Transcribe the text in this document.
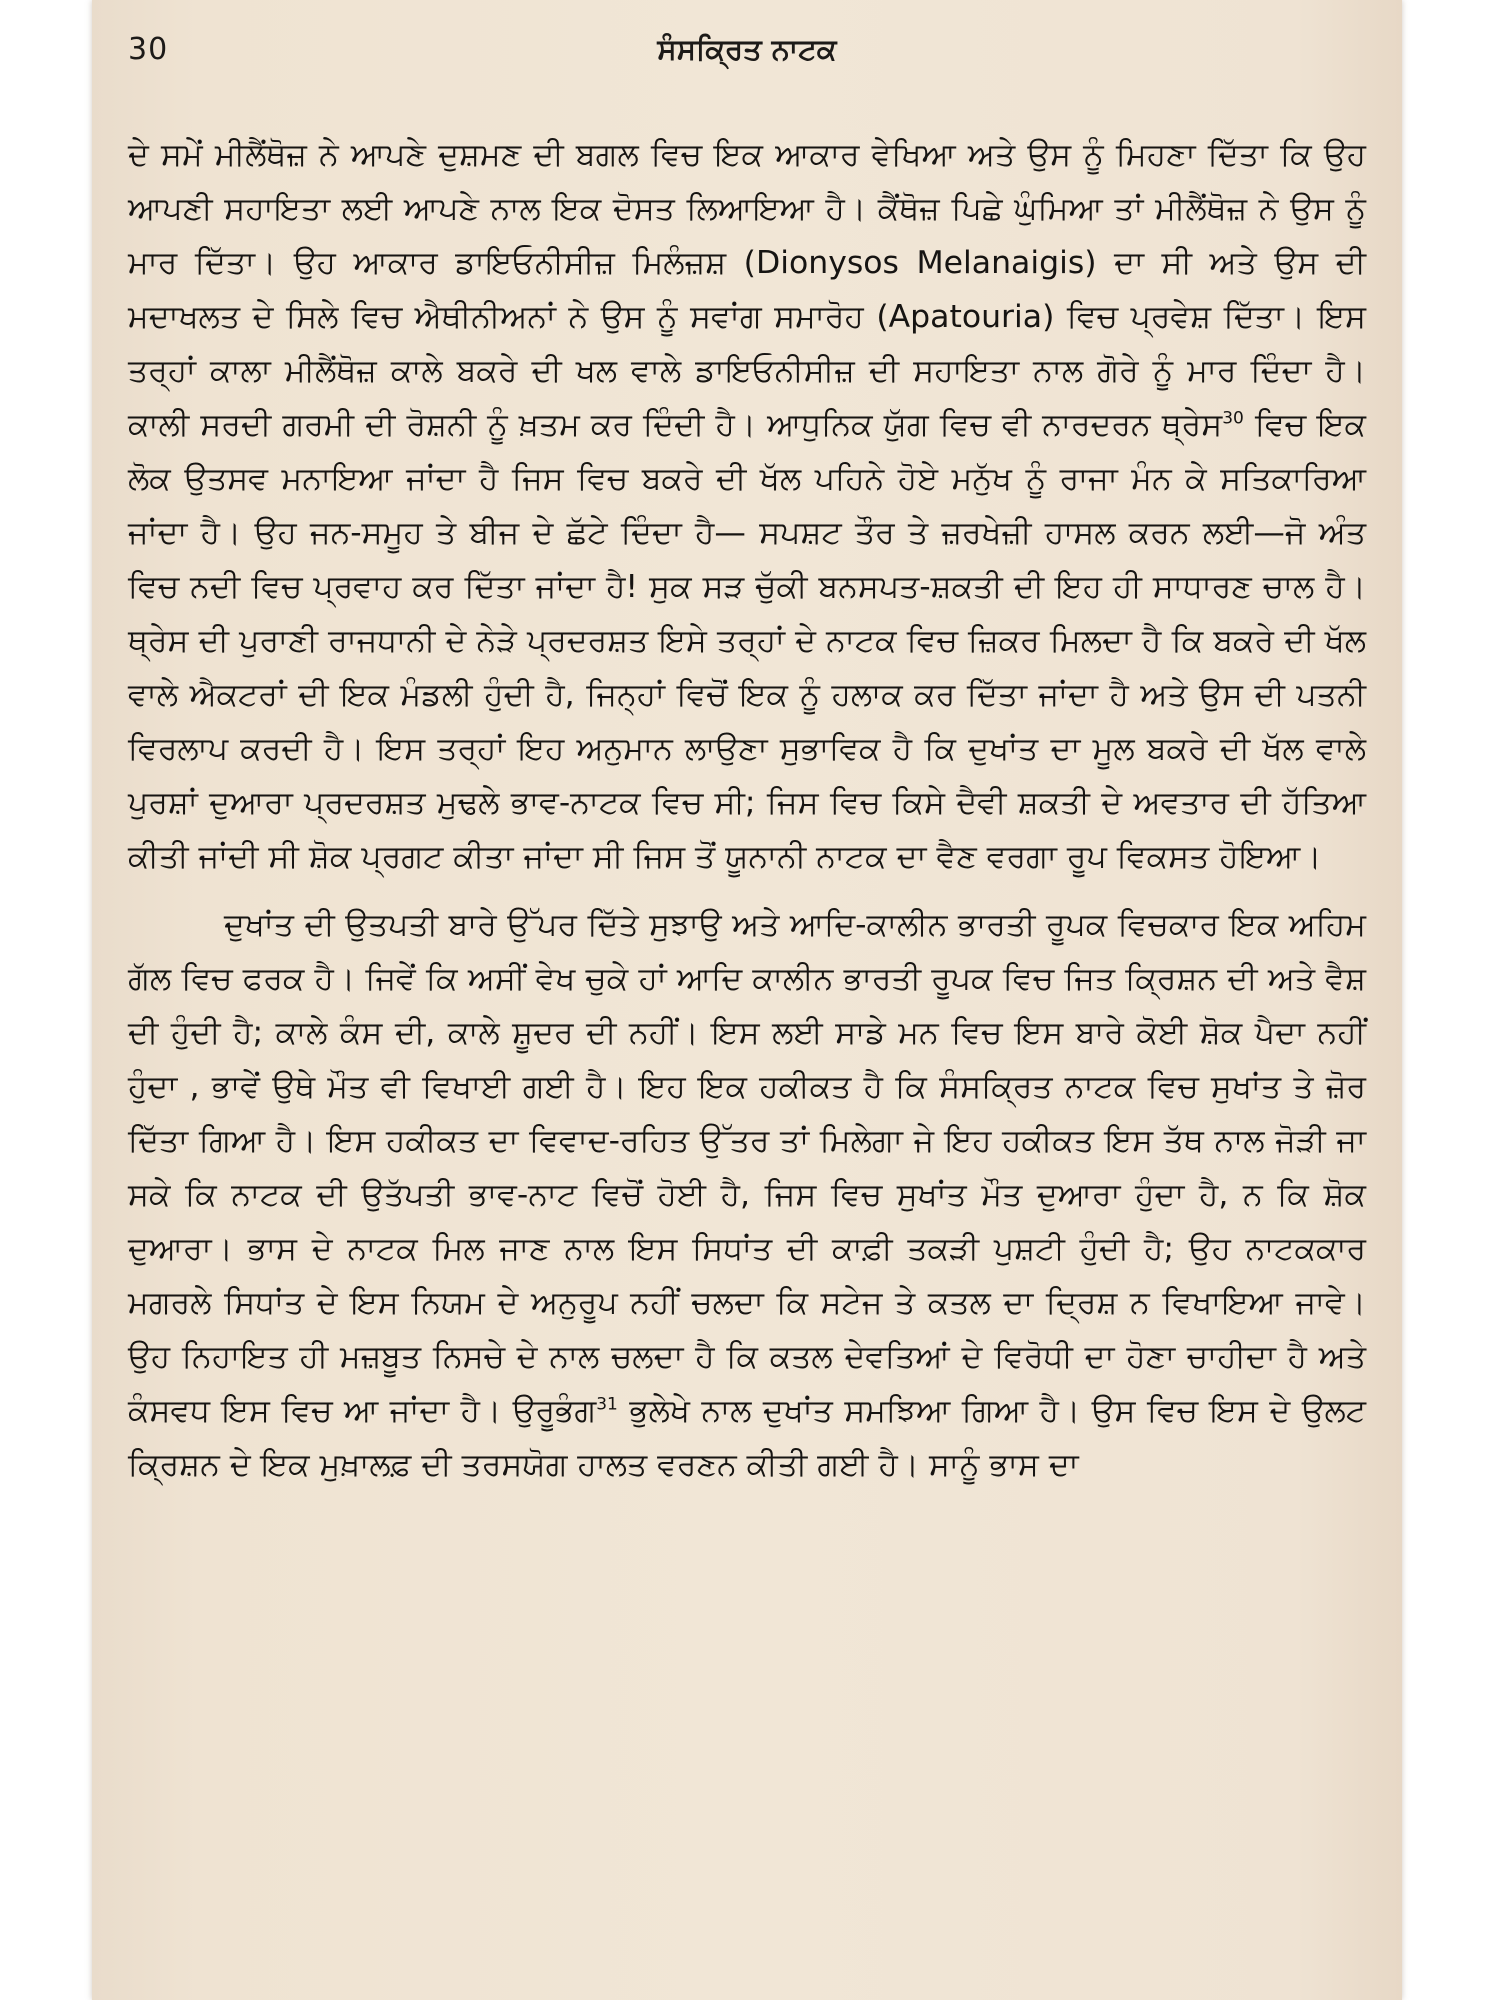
30	ਸੰਸਕ੍ਰਿਤ ਨਾਟਕ

ਦੇ ਸਮੇਂ ਮੀਲੈਂਥੋਜ਼ ਨੇ ਆਪਣੇ ਦੁਸ਼ਮਣ ਦੀ ਬਗਲ ਵਿਚ ਇਕ ਆਕਾਰ ਵੇਖਿਆ ਅਤੇ ਉਸ ਨੂੰ ਮਿਹਣਾ ਦਿੱਤਾ ਕਿ ਉਹ ਆਪਣੀ ਸਹਾਇਤਾ ਲਈ ਆਪਣੇ ਨਾਲ ਇਕ ਦੋਸਤ ਲਿਆਇਆ ਹੈ। ਕੈਂਥੋਜ਼ ਪਿਛੇ ਘੁੰਮਿਆ ਤਾਂ ਮੀਲੈਂਥੋਜ਼ ਨੇ ਉਸ ਨੂੰ ਮਾਰ ਦਿੱਤਾ। ਉਹ ਆਕਾਰ ਡਾਇਓਨੀਸੀਜ਼ ਮਿਲੰਜ਼ਸ਼ (Dionysos Melanaigis) ਦਾ ਸੀ ਅਤੇ ਉਸ ਦੀ ਮਦਾਖਲਤ ਦੇ ਸਿਲੇ ਵਿਚ ਐਥੀਨੀਅਨਾਂ ਨੇ ਉਸ ਨੂੰ ਸਵਾਂਗ ਸਮਾਰੋਹ (Apatouria) ਵਿਚ ਪ੍ਰਵੇਸ਼ ਦਿੱਤਾ। ਇਸ ਤਰ੍ਹਾਂ ਕਾਲਾ ਮੀਲੈਂਥੋਜ਼ ਕਾਲੇ ਬਕਰੇ ਦੀ ਖਲ ਵਾਲੇ ਡਾਇਓਨੀਸੀਜ਼ ਦੀ ਸਹਾਇਤਾ ਨਾਲ ਗੋਰੇ ਨੂੰ ਮਾਰ ਦਿੰਦਾ ਹੈ। ਕਾਲੀ ਸਰਦੀ ਗਰਮੀ ਦੀ ਰੋਸ਼ਨੀ ਨੂੰ ਖ਼ਤਮ ਕਰ ਦਿੰਦੀ ਹੈ। ਆਧੁਨਿਕ ਯੁੱਗ ਵਿਚ ਵੀ ਨਾਰਦਰਨ ਥ੍ਰੇਸ$^{30}$ ਵਿਚ ਇਕ ਲੋਕ ਉਤਸਵ ਮਨਾਇਆ ਜਾਂਦਾ ਹੈ ਜਿਸ ਵਿਚ ਬਕਰੇ ਦੀ ਖੱਲ ਪਹਿਨੇ ਹੋਏ ਮਨੁੱਖ ਨੂੰ ਰਾਜਾ ਮੰਨ ਕੇ ਸਤਿਕਾਰਿਆ ਜਾਂਦਾ ਹੈ। ਉਹ ਜਨ-ਸਮੂਹ ਤੇ ਬੀਜ ਦੇ ਛੱਟੇ ਦਿੰਦਾ ਹੈ— ਸਪਸ਼ਟ ਤੌਰ ਤੇ ਜ਼ਰਖੇਜ਼ੀ ਹਾਸਲ ਕਰਨ ਲਈ—ਜੋ ਅੰਤ ਵਿਚ ਨਦੀ ਵਿਚ ਪ੍ਰਵਾਹ ਕਰ ਦਿੱਤਾ ਜਾਂਦਾ ਹੈ! ਸੁਕ ਸੜ ਚੁੱਕੀ ਬਨਸਪਤ-ਸ਼ਕਤੀ ਦੀ ਇਹ ਹੀ ਸਾਧਾਰਣ ਚਾਲ ਹੈ। ਥ੍ਰੇਸ ਦੀ ਪੁਰਾਣੀ ਰਾਜਧਾਨੀ ਦੇ ਨੇੜੇ ਪ੍ਰਦਰਸ਼ਤ ਇਸੇ ਤਰ੍ਹਾਂ ਦੇ ਨਾਟਕ ਵਿਚ ਜ਼ਿਕਰ ਮਿਲਦਾ ਹੈ ਕਿ ਬਕਰੇ ਦੀ ਖੱਲ ਵਾਲੇ ਐਕਟਰਾਂ ਦੀ ਇਕ ਮੰਡਲੀ ਹੁੰਦੀ ਹੈ, ਜਿਨ੍ਹਾਂ ਵਿਚੋਂ ਇਕ ਨੂੰ ਹਲਾਕ ਕਰ ਦਿੱਤਾ ਜਾਂਦਾ ਹੈ ਅਤੇ ਉਸ ਦੀ ਪਤਨੀ ਵਿਰਲਾਪ ਕਰਦੀ ਹੈ। ਇਸ ਤਰ੍ਹਾਂ ਇਹ ਅਨੁਮਾਨ ਲਾਉਣਾ ਸੁਭਾਵਿਕ ਹੈ ਕਿ ਦੁਖਾਂਤ ਦਾ ਮੂਲ ਬਕਰੇ ਦੀ ਖੱਲ ਵਾਲੇ ਪੁਰਸ਼ਾਂ ਦੁਆਰਾ ਪ੍ਰਦਰਸ਼ਤ ਮੁਢਲੇ ਭਾਵ-ਨਾਟਕ ਵਿਚ ਸੀ; ਜਿਸ ਵਿਚ ਕਿਸੇ ਦੈਵੀ ਸ਼ਕਤੀ ਦੇ ਅਵਤਾਰ ਦੀ ਹੱਤਿਆ ਕੀਤੀ ਜਾਂਦੀ ਸੀ ਸ਼ੋਕ ਪ੍ਰਗਟ ਕੀਤਾ ਜਾਂਦਾ ਸੀ ਜਿਸ ਤੋਂ ਯੂਨਾਨੀ ਨਾਟਕ ਦਾ ਵੈਣ ਵਰਗਾ ਰੂਪ ਵਿਕਸਤ ਹੋਇਆ।

ਦੁਖਾਂਤ ਦੀ ਉਤਪਤੀ ਬਾਰੇ ਉੱਪਰ ਦਿੱਤੇ ਸੁਝਾਉ ਅਤੇ ਆਦਿ-ਕਾਲੀਨ ਭਾਰਤੀ ਰੂਪਕ ਵਿਚਕਾਰ ਇਕ ਅਹਿਮ ਗੱਲ ਵਿਚ ਫਰਕ ਹੈ। ਜਿਵੇਂ ਕਿ ਅਸੀਂ ਵੇਖ ਚੁਕੇ ਹਾਂ ਆਦਿ ਕਾਲੀਨ ਭਾਰਤੀ ਰੂਪਕ ਵਿਚ ਜਿਤ ਕ੍ਰਿਸ਼ਨ ਦੀ ਅਤੇ ਵੈਸ਼ ਦੀ ਹੁੰਦੀ ਹੈ; ਕਾਲੇ ਕੰਸ ਦੀ, ਕਾਲੇ ਸ਼ੂਦਰ ਦੀ ਨਹੀਂ। ਇਸ ਲਈ ਸਾਡੇ ਮਨ ਵਿਚ ਇਸ ਬਾਰੇ ਕੋਈ ਸ਼ੋਕ ਪੈਦਾ ਨਹੀਂ ਹੁੰਦਾ , ਭਾਵੇਂ ਉਥੇ ਮੌਤ ਵੀ ਵਿਖਾਈ ਗਈ ਹੈ। ਇਹ ਇਕ ਹਕੀਕਤ ਹੈ ਕਿ ਸੰਸਕ੍ਰਿਤ ਨਾਟਕ ਵਿਚ ਸੁਖਾਂਤ ਤੇ ਜ਼ੋਰ ਦਿੱਤਾ ਗਿਆ ਹੈ। ਇਸ ਹਕੀਕਤ ਦਾ ਵਿਵਾਦ-ਰਹਿਤ ਉੱਤਰ ਤਾਂ ਮਿਲੇਗਾ ਜੇ ਇਹ ਹਕੀਕਤ ਇਸ ਤੱਥ ਨਾਲ ਜੋੜੀ ਜਾ ਸਕੇ ਕਿ ਨਾਟਕ ਦੀ ਉਤੱਪਤੀ ਭਾਵ-ਨਾਟ ਵਿਚੋਂ ਹੋਈ ਹੈ, ਜਿਸ ਵਿਚ ਸੁਖਾਂਤ ਮੌਤ ਦੁਆਰਾ ਹੁੰਦਾ ਹੈ, ਨ ਕਿ ਸ਼ੋਕ ਦੁਆਰਾ। ਭਾਸ ਦੇ ਨਾਟਕ ਮਿਲ ਜਾਣ ਨਾਲ ਇਸ ਸਿਧਾਂਤ ਦੀ ਕਾਫ਼ੀ ਤਕੜੀ ਪੁਸ਼ਟੀ ਹੁੰਦੀ ਹੈ; ਉਹ ਨਾਟਕਕਾਰ ਮਗਰਲੇ ਸਿਧਾਂਤ ਦੇ ਇਸ ਨਿਯਮ ਦੇ ਅਨੁਰੂਪ ਨਹੀਂ ਚਲਦਾ ਕਿ ਸਟੇਜ ਤੇ ਕਤਲ ਦਾ ਦ੍ਰਿਸ਼ ਨ ਵਿਖਾਇਆ ਜਾਵੇ। ਉਹ ਨਿਹਾਇਤ ਹੀ ਮਜ਼ਬੂਤ ਨਿਸਚੇ ਦੇ ਨਾਲ ਚਲਦਾ ਹੈ ਕਿ ਕਤਲ ਦੇਵਤਿਆਂ ਦੇ ਵਿਰੋਧੀ ਦਾ ਹੋਣਾ ਚਾਹੀਦਾ ਹੈ ਅਤੇ ਕੰਸਵਧ ਇਸ ਵਿਚ ਆ ਜਾਂਦਾ ਹੈ। ਉਰੂਭੰਗ$^{31}$ ਭੁਲੇਖੇ ਨਾਲ ਦੁਖਾਂਤ ਸਮਝਿਆ ਗਿਆ ਹੈ। ਉਸ ਵਿਚ ਇਸ ਦੇ ਉਲਟ ਕ੍ਰਿਸ਼ਨ ਦੇ ਇਕ ਮੁਖ਼ਾਲਫ਼ ਦੀ ਤਰਸਯੋਗ ਹਾਲਤ ਵਰਣਨ ਕੀਤੀ ਗਈ ਹੈ। ਸਾਨੂੰ ਭਾਸ ਦਾ
